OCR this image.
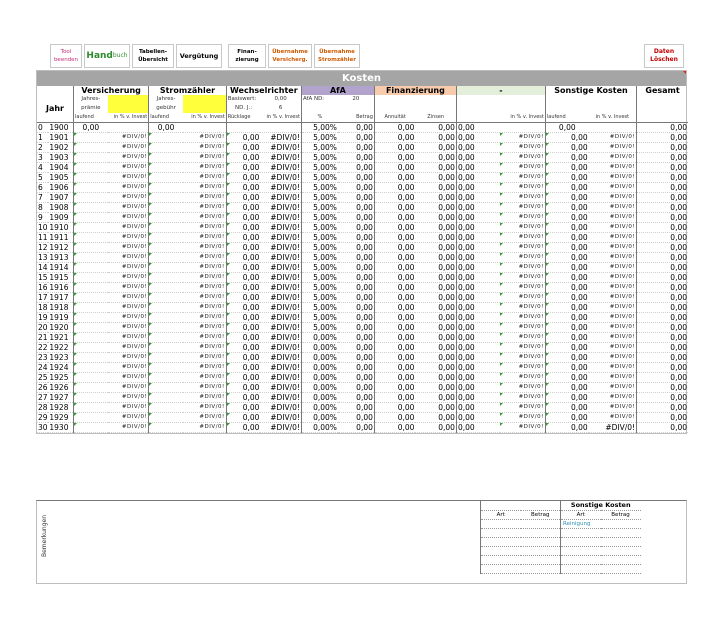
Tool
beenden Hand buch Tabellen-
Übersicht Vergütung	Finan-
zierung
Übernahme
Versicherg.
Übernahme
Stromzähler
Daten
Löschen
Kosten
Jahr		Versicherung		Stromzähler		Wechselrichter		AfA		Finanzierung		-		Sonstige Kosten		Gesamt
		Jahres-		Jahres-		Basiswert:	0,00	AfA ND:	20							
		prämie		gebühr		ND. J.:	6									
		laufend	in % v. Invest	laufend	in % v. Invest	Rücklage	in % v. Invest	%	Betrag	Annuität	Zinsen		in % v. Invest	laufend	in % v. Invest	
0	1900	0,00		0,00				5,00%	0,00	0,00	0,00	0,00		0,00		0,00
1	1901		#DIV/0!		#DIV/0!	0,00	#DIV/0!	5,00%	0,00	0,00	0,00	0,00	#DIV/0!	0,00	#DIV/0!	0,00
2	1902		#DIV/0!		#DIV/0!	0,00	#DIV/0!	5,00%	0,00	0,00	0,00	0,00	#DIV/0!	0,00	#DIV/0!	0,00
3	1903		#DIV/0!		#DIV/0!	0,00	#DIV/0!	5,00%	0,00	0,00	0,00	0,00	#DIV/0!	0,00	#DIV/0!	0,00
4	1904		#DIV/0!		#DIV/0!	0,00	#DIV/0!	5,00%	0,00	0,00	0,00	0,00	#DIV/0!	0,00	#DIV/0!	0,00
5	1905		#DIV/0!		#DIV/0!	0,00	#DIV/0!	5,00%	0,00	0,00	0,00	0,00	#DIV/0!	0,00	#DIV/0!	0,00
6	1906		#DIV/0!		#DIV/0!	0,00	#DIV/0!	5,00%	0,00	0,00	0,00	0,00	#DIV/0!	0,00	#DIV/0!	0,00
7	1907		#DIV/0!		#DIV/0!	0,00	#DIV/0!	5,00%	0,00	0,00	0,00	0,00	#DIV/0!	0,00	#DIV/0!	0,00
8	1908		#DIV/0!		#DIV/0!	0,00	#DIV/0!	5,00%	0,00	0,00	0,00	0,00	#DIV/0!	0,00	#DIV/0!	0,00
9	1909		#DIV/0!		#DIV/0!	0,00	#DIV/0!	5,00%	0,00	0,00	0,00	0,00	#DIV/0!	0,00	#DIV/0!	0,00
10	1910		#DIV/0!		#DIV/0!	0,00	#DIV/0!	5,00%	0,00	0,00	0,00	0,00	#DIV/0!	0,00	#DIV/0!	0,00
11	1911		#DIV/0!		#DIV/0!	0,00	#DIV/0!	5,00%	0,00	0,00	0,00	0,00	#DIV/0!	0,00	#DIV/0!	0,00
12	1912		#DIV/0!		#DIV/0!	0,00	#DIV/0!	5,00%	0,00	0,00	0,00	0,00	#DIV/0!	0,00	#DIV/0!	0,00
13	1913		#DIV/0!		#DIV/0!	0,00	#DIV/0!	5,00%	0,00	0,00	0,00	0,00	#DIV/0!	0,00	#DIV/0!	0,00
14	1914		#DIV/0!		#DIV/0!	0,00	#DIV/0!	5,00%	0,00	0,00	0,00	0,00	#DIV/0!	0,00	#DIV/0!	0,00
15	1915		#DIV/0!		#DIV/0!	0,00	#DIV/0!	5,00%	0,00	0,00	0,00	0,00	#DIV/0!	0,00	#DIV/0!	0,00
16	1916		#DIV/0!		#DIV/0!	0,00	#DIV/0!	5,00%	0,00	0,00	0,00	0,00	#DIV/0!	0,00	#DIV/0!	0,00
17	1917		#DIV/0!		#DIV/0!	0,00	#DIV/0!	5,00%	0,00	0,00	0,00	0,00	#DIV/0!	0,00	#DIV/0!	0,00
18	1918		#DIV/0!		#DIV/0!	0,00	#DIV/0!	5,00%	0,00	0,00	0,00	0,00	#DIV/0!	0,00	#DIV/0!	0,00
19	1919		#DIV/0!		#DIV/0!	0,00	#DIV/0!	5,00%	0,00	0,00	0,00	0,00	#DIV/0!	0,00	#DIV/0!	0,00
20	1920		#DIV/0!		#DIV/0!	0,00	#DIV/0!	5,00%	0,00	0,00	0,00	0,00	#DIV/0!	0,00	#DIV/0!	0,00
21	1921		#DIV/0!		#DIV/0!	0,00	#DIV/0!	0,00%	0,00	0,00	0,00	0,00	#DIV/0!	0,00	#DIV/0!	0,00
22	1922		#DIV/0!		#DIV/0!	0,00	#DIV/0!	0,00%	0,00	0,00	0,00	0,00	#DIV/0!	0,00	#DIV/0!	0,00
23	1923		#DIV/0!		#DIV/0!	0,00	#DIV/0!	0,00%	0,00	0,00	0,00	0,00	#DIV/0!	0,00	#DIV/0!	0,00
24	1924		#DIV/0!		#DIV/0!	0,00	#DIV/0!	0,00%	0,00	0,00	0,00	0,00	#DIV/0!	0,00	#DIV/0!	0,00
25	1925		#DIV/0!		#DIV/0!	0,00	#DIV/0!	0,00%	0,00	0,00	0,00	0,00	#DIV/0!	0,00	#DIV/0!	0,00
26	1926		#DIV/0!		#DIV/0!	0,00	#DIV/0!	0,00%	0,00	0,00	0,00	0,00	#DIV/0!	0,00	#DIV/0!	0,00
27	1927		#DIV/0!		#DIV/0!	0,00	#DIV/0!	0,00%	0,00	0,00	0,00	0,00	#DIV/0!	0,00	#DIV/0!	0,00
28	1928		#DIV/0!		#DIV/0!	0,00	#DIV/0!	0,00%	0,00	0,00	0,00	0,00	#DIV/0!	0,00	#DIV/0!	0,00
29	1929		#DIV/0!		#DIV/0!	0,00	#DIV/0!	0,00%	0,00	0,00	0,00	0,00	#DIV/0!	0,00	#DIV/0!	0,00
30	1930		#DIV/0!		#DIV/0!	0,00	#DIV/0!	0,00%	0,00	0,00	0,00	0,00	#DIV/0!	0,00	#DIV/0!	0,00
Bemerkungen
		Sonstige Kosten	
Art	Betrag	Art	Betrag
		Reinigung	
